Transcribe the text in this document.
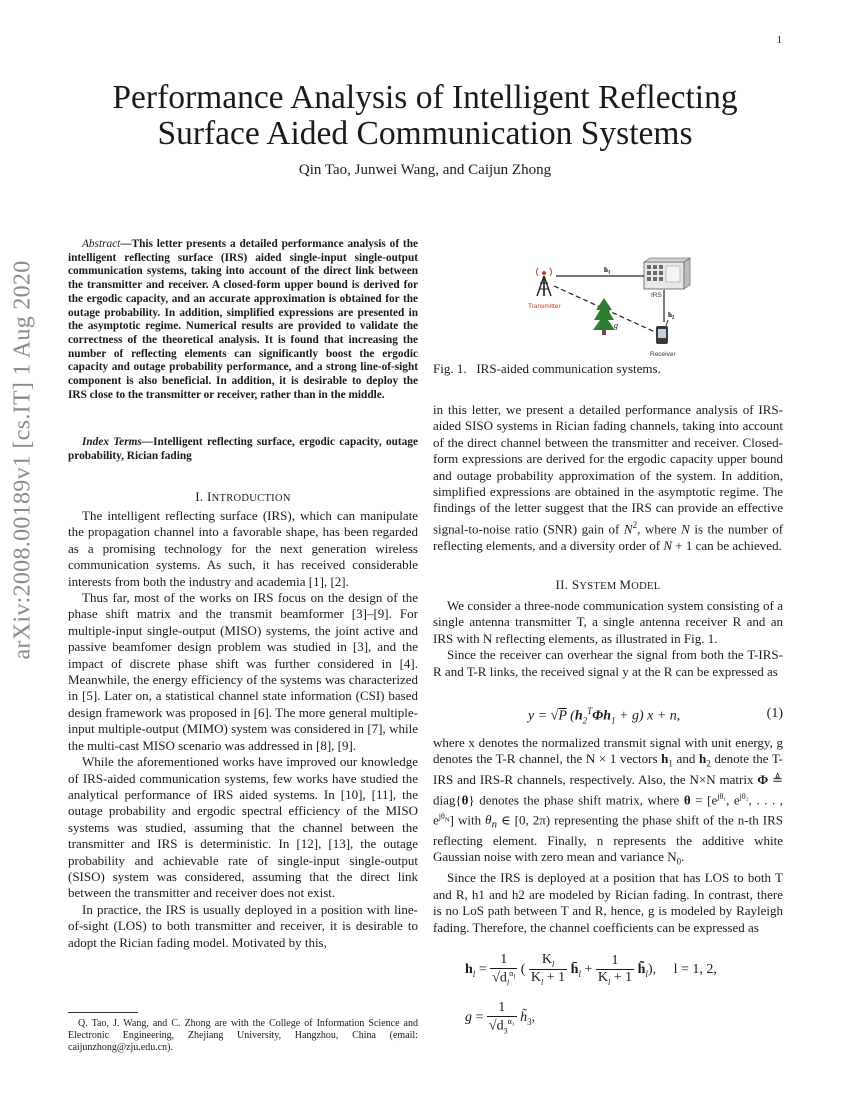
1
arXiv:2008.00189v1 [cs.IT] 1 Aug 2020
Performance Analysis of Intelligent Reflecting Surface Aided Communication Systems
Qin Tao, Junwei Wang, and Caijun Zhong
Abstract—This letter presents a detailed performance analysis of the intelligent reflecting surface (IRS) aided single-input single-output communication systems, taking into account of the direct link between the transmitter and receiver. A closed-form upper bound is derived for the ergodic capacity, and an accurate approximation is obtained for the outage probability. In addition, simplified expressions are presented in the asymptotic regime. Numerical results are provided to validate the correctness of the theoretical analysis. It is found that increasing the number of reflecting elements can significantly boost the ergodic capacity and outage probability performance, and a strong line-of-sight component is also beneficial. In addition, it is desirable to deploy the IRS close to the transmitter or receiver, rather than in the middle.
Index Terms—Intelligent reflecting surface, ergodic capacity, outage probability, Rician fading
I. INTRODUCTION

The intelligent reflecting surface (IRS), which can manipulate the propagation channel into a favorable shape, has been regarded as a promising technology for the next generation wireless communication systems. As such, it has received considerable interests from both the industry and academia [1], [2].

Thus far, most of the works on IRS focus on the design of the phase shift matrix and the transmit beamformer [3]–[9]. For multiple-input single-output (MISO) systems, the joint active and passive beamfomer design problem was studied in [3], and the impact of discrete phase shift was further considered in [4]. Meanwhile, the energy efficiency of the systems was characterized in [5]. Later on, a statistical channel state information (CSI) based design framework was proposed in [6]. The more general multiple-input multiple-output (MIMO) system was considered in [7], while the multi-cast MISO scenario was addressed in [8], [9].

While the aforementioned works have improved our knowledge of IRS-aided communication systems, few works have studied the analytical performance of IRS aided systems. In [10], [11], the outage probability and ergodic spectral efficiency of the MISO systems was studied, assuming that the channel between the transmitter and IRS is deterministic. In [12], [13], the outage probability and achievable rate of single-input single-output (SISO) system was considered, assuming that the direct link between the transmitter and receiver does not exist.

In practice, the IRS is usually deployed in a position with line-of-sight (LOS) to both transmitter and receiver, it is desirable to adopt the Rician fading model. Motivated by this,

Q. Tao, J. Wang, and C. Zhong are with the College of Information Science and Electronic Engineering, Zhejiang University, Hangzhou, China (email: caijunzhong@zju.edu.cn).
Transmitter
$h_1$
IRS
$h_2$
g
Receiver
Fig. 1. IRS-aided communication systems.
in this letter, we present a detailed performance analysis of IRS-aided SISO systems in Rician fading channels, taking into account of the direct channel between the transmitter and receiver. Closed-form expressions are derived for the ergodic capacity upper bound and outage probability approximation of the system. In addition, simplified expressions are obtained in the asymptotic regime. The findings of the letter suggest that the IRS can provide an effective signal-to-noise ratio (SNR) gain of $N^2$, where N is the number of reflecting elements, and a diversity order of N + 1 can be achieved.
II. SYSTEM MODEL

We consider a three-node communication system consisting of a single antenna transmitter T, a single antenna receiver R and an IRS with N reflecting elements, as illustrated in Fig. 1.

Since the receiver can overhear the signal from both the T-IRS-R and T-R links, the received signal y at the R can be expressed as

y = √P $(h_2^T\Phi h_1 + g) x + n$,	(1)

where x denotes the normalized transmit signal with unit energy, g denotes the T-R channel, the N × 1 vectors $h_1$ and $h_2$ denote the T-IRS and IRS-R channels, respectively. Also, the N×N matrix Φ ≜ diag{θ} denotes the phase shift matrix, where $\theta = [e^{j\theta_1}$, $e^{j\theta_2}$, . . . , $e^{j\theta_N}$] with $\theta_n$ ∈ [0, 2π) representing the phase shift of the n-th IRS reflecting element. Finally, n represents the additive white Gaussian noise with zero mean and variance $N_0$.

Since the IRS is deployed at a position that has LOS to both T and R, h1 and h2 are modeled by Rician fading. In contrast, there is no LoS path between T and R, hence, g is modeled by Rayleigh fading. Therefore, the channel coefficients can be expressed as

$h_l = \frac{1}{√d_l^{\alpha_l}}$ ( $\frac{K_l}{K_l + 1}$ $h̄_l + \frac{1}{K_l + 1}$ $h̃_l$), l = 1, 2,
$g = \frac{1}{√d_3^{\alpha_3}}$ $h̃_3$,
